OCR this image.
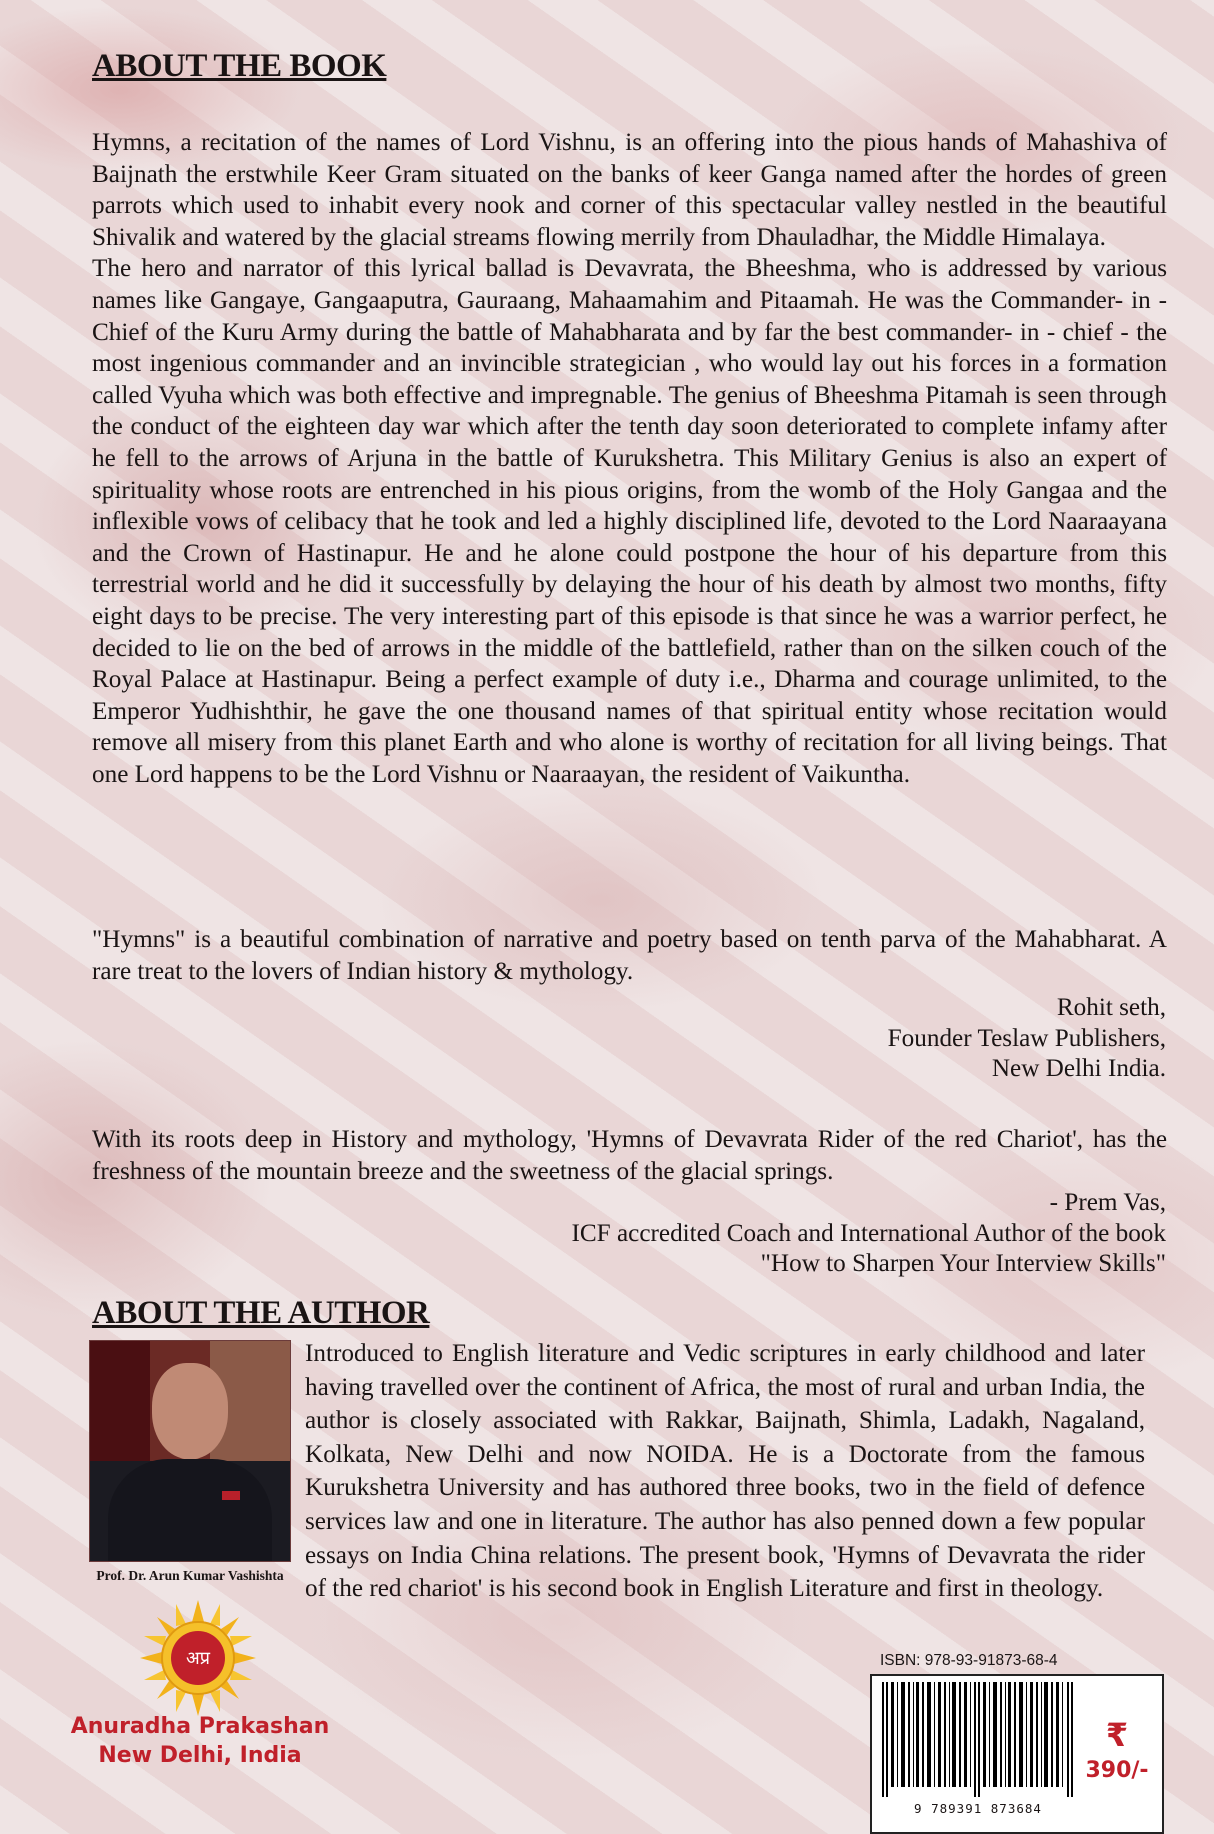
ABOUT THE BOOK

Hymns, a recitation of the names of Lord Vishnu, is an offering into the pious hands of Mahashiva of Baijnath the erstwhile Keer Gram situated on the banks of keer Ganga named after the hordes of green parrots which used to inhabit every nook and corner of this spectacular valley nestled in the beautiful Shivalik and watered by the glacial streams flowing merrily from Dhauladhar, the Middle Himalaya.
The hero and narrator of this lyrical ballad is Devavrata, the Bheeshma, who is addressed by various names like Gangaye, Gangaaputra, Gauraang, Mahaamahim and Pitaamah. He was the Commander- in - Chief of the Kuru Army during the battle of Mahabharata and by far the best commander- in - chief - the most ingenious commander and an invincible strategician , who would lay out his forces in a formation called Vyuha which was both effective and impregnable. The genius of Bheeshma Pitamah is seen through the conduct of the eighteen day war which after the tenth day soon deteriorated to complete infamy after he fell to the arrows of Arjuna in the battle of Kurukshetra. This Military Genius is also an expert of spirituality whose roots are entrenched in his pious origins, from the womb of the Holy Gangaa and the inflexible vows of celibacy that he took and led a highly disciplined life, devoted to the Lord Naaraayana and the Crown of Hastinapur. He and he alone could postpone the hour of his departure from this terrestrial world and he did it successfully by delaying the hour of his death by almost two months, fifty eight days to be precise. The very interesting part of this episode is that since he was a warrior perfect, he decided to lie on the bed of arrows in the middle of the battlefield, rather than on the silken couch of the Royal Palace at Hastinapur. Being a perfect example of duty i.e., Dharma and courage unlimited, to the Emperor Yudhishthir, he gave the one thousand names of that spiritual entity whose recitation would remove all misery from this planet Earth and who alone is worthy of recitation for all living beings. That one Lord happens to be the Lord Vishnu or Naaraayan, the resident of Vaikuntha.

"Hymns" is a beautiful combination of narrative and poetry based on tenth parva of the Mahabharat. A rare treat to the lovers of Indian history & mythology.

Rohit seth,
Founder Teslaw Publishers,
New Delhi India.

With its roots deep in History and mythology, 'Hymns of Devavrata Rider of the red Chariot', has the freshness of the mountain breeze and the sweetness of the glacial springs.

- Prem Vas,
ICF accredited Coach and International Author of the book
"How to Sharpen Your Interview Skills"

ABOUT THE AUTHOR

Prof. Dr. Arun Kumar Vashishta

Introduced to English literature and Vedic scriptures in early childhood and later having travelled over the continent of Africa, the most of rural and urban India, the author is closely associated with Rakkar, Baijnath, Shimla, Ladakh, Nagaland, Kolkata, New Delhi and now NOIDA. He is a Doctorate from the famous Kurukshetra University and has authored three books, two in the field of defence services law and one in literature. The author has also penned down a few popular essays on India China relations. The present book, 'Hymns of Devavrata the rider of the red chariot' is his second book in English Literature and first in theology.

अप्र

Anuradha Prakashan
New Delhi, India

ISBN: 978-93-91873-68-4

9 789391 873684

₹

390/-
